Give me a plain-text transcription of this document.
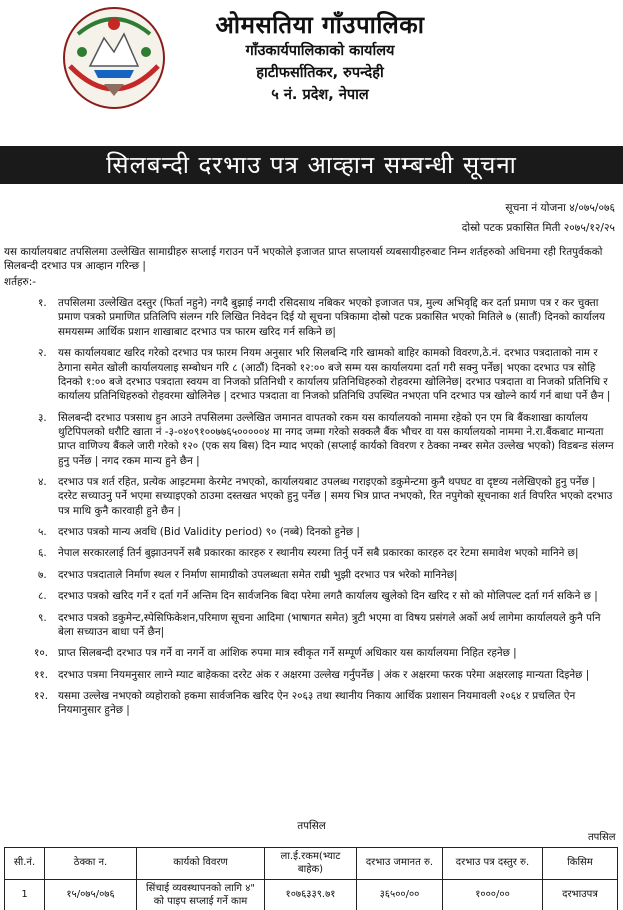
ओमसतिया गाँउपालिका
गाँउकार्यपालिकाको कार्यालय
हाटीफर्सातिकर, रुपन्देही
५ नं. प्रदेश, नेपाल
सिलबन्दी दरभाउ पत्र आव्हान सम्बन्धी सूचना
सूचना नं योजना ४/०७५/०७६
दोस्रो पटक प्रकासित मिती २०७५/१२/२५

यस कार्यालयबाट तपसिलमा उल्लेखित सामाग्रीहरु सप्लाई गराउन पर्ने भएकोले इजाजत प्राप्त सप्लायर्स व्यबसायीहरुबाट निम्न शर्तहरुको अधिनमा रही रितपुर्वकको सिलबन्दी दरभाउ पत्र आव्हान गरिन्छ |

शर्तहरु:-

१. तपसिलमा उल्लेखित दस्तुर (फिर्ता नहुने) नगदै बुझाई नगदी रसिदसाथ नबिकर भएको इजाजत पत्र, मुल्य अभिवृद्दि कर दर्ता प्रमाण पत्र र कर चुक्ता प्रमाण पत्रको प्रमाणित प्रतिलिपि संलग्न गरि लिखित निवेदन दिई यो सूचना पत्रिकामा दोस्रो पटक प्रकासित भएको मितिले ७ (सातौं) दिनको कार्यालय समयसम्म आर्थिक प्रशान शाखाबाट दरभाउ पत्र फारम खरिद गर्न सकिने छ|
२. यस कार्यालयबाट खरिद गरेको दरभाउ पत्र फारम नियम अनुसार भरि सिलबन्दि गरि खामको बाहिर कामको विवरण,ठे.नं. दरभाउ पत्रदाताको नाम र ठेगाना समेत खोली कार्यालयलाइ सम्बोधन गरि ८ (आठौं) दिनको १२:०० बजे सम्म यस कार्यालयमा दर्ता गरी सक्नु पर्नेछ| भएका दरभाउ पत्र सोहि दिनको १:०० बजे दरभाउ पत्रदाता स्वयम वा निजको प्रतिनिधी र कार्यालय प्रतिनिधिहरुको रोहवरमा खोलिनेछ| दरभाउ पत्रदाता वा निजको प्रतिनिधि र कार्यालय प्रतिनिधिहरुको रोहवरमा खोलिनेछ | दरभाउ पत्रदाता वा निजको प्रतिनिधि उपस्थित नभएता पनि दरभाउ पत्र खोल्ने कार्य गर्न बाधा पर्ने छैन |
३. सिलबन्दी दरभाउ पत्रसाथ हुन आउने तपसिलमा उल्लेखित जमानत वापतको रकम यस कार्यालयको नाममा रहेको एन एम बि बैंकशाखा कार्यालय थुटिपिपलको धरौटि खाता नं -३-०४०९१००७७६५०००००४ मा नगद जम्मा गरेको सक्कलै बैंक भौचर वा यस कार्यालयको नाममा ने.रा.बैंकबाट मान्यता प्राप्त वाणिज्य बैंकले जारी गरेको १२० (एक सय बिस) दिन म्याद भएको (सप्लाई कार्यको विवरण र ठेक्का नम्बर समेत उल्लेख भएको) विडबन्ड संलग्न हुनु पर्नेछ | नगद रकम मान्य हुने छैन |
४. दरभाउ पत्र शर्त रहित, प्रत्येक आइटममा केरमेट नभएको, कार्यालयबाट उपलब्ध गराइएको डकुमेन्टमा कुनै थपघट वा दृष्टव्य नलेखिएको हुनु पर्नेछ | दररेट सच्याउनु पर्ने भएमा सच्याइएको ठाउमा दस्तखत भएको हुनु पर्नेछ | समय भित्र प्राप्त नभएको, रित नपुगेको सूचनाका शर्त विपरित भएको दरभाउ पत्र माथि कुनै कारवाही हुने छैन |
५. दरभाउ पत्रको मान्य अवधि (Bid Validity period) ९० (नब्बे) दिनको हुनेछ |
६. नेपाल सरकारलाई तिर्न बुझाउनपर्ने सबै प्रकारका कारहरु र स्थानीय स्यरमा तिर्नु पर्ने सबै प्रकारका कारहरु दर रेटमा समावेश भएको मानिने छ|
७. दरभाउ पत्रदाताले निर्माण स्थल र निर्माण सामाग्रीको उपलब्धता समेत राम्री भुझी दरभाउ पत्र भरेको मानिनेछ|
८. दरभाउ पत्रको खरिद गर्ने र दर्ता गर्ने अन्तिम दिन सार्वजनिक बिदा परेमा लगतै कार्यालय खुलेको दिन खरिद र सो को मोलिपल्ट दर्ता गर्न सकिने छ |
९. दरभाउ पत्रको डकुमेन्ट,स्पेसिफिकेशन,परिमाण सूचना आदिमा (भाषागत समेत) त्रुटी भएमा वा विषय प्रसंगले अर्को अर्थ लागेमा कार्यालयले कुनै पनि बेला सच्याउन बाधा पर्ने छैन|
१०. प्राप्त सिलबन्दी दरभाउ पत्र गर्ने वा नगर्ने वा आंशिक रुपमा मात्र स्वीकृत गर्ने सम्पूर्ण अधिकार यस कार्यालयमा निहित रहनेछ |
११. दरभाउ पत्रमा नियमनुसार लाग्ने म्याट बाहेकका दररेट अंक र अक्षरमा उल्लेख गर्नुपर्नेछ | अंक र अक्षरमा फरक परेमा अक्षरलाइ मान्यता दिइनेछ |
१२. यसमा उल्लेख नभएको व्यहोराको हकमा सार्वजनिक खरिद ऐन २०६३ तथा स्थानीय निकाय आर्थिक प्रशासन नियमावली २०६४ र प्रचलित ऐन नियमानुसार हुनेछ |
तपसिल
तपसिल						
सी.नं.	ठेक्का न.	कार्यको विवरण	ला.ई.रकम(भ्याट बाहेक)	दरभाउ जमानत रु.	दरभाउ पत्र दस्तुर रु.	किसिम
1	१५/०७५/०७६	सिंचाई व्यवस्थापनको लागि ४" को पाइप सप्लाई गर्ने काम	१०७६३३९.७१	३६५००/००	१०००/००	दरभाउपत्र
